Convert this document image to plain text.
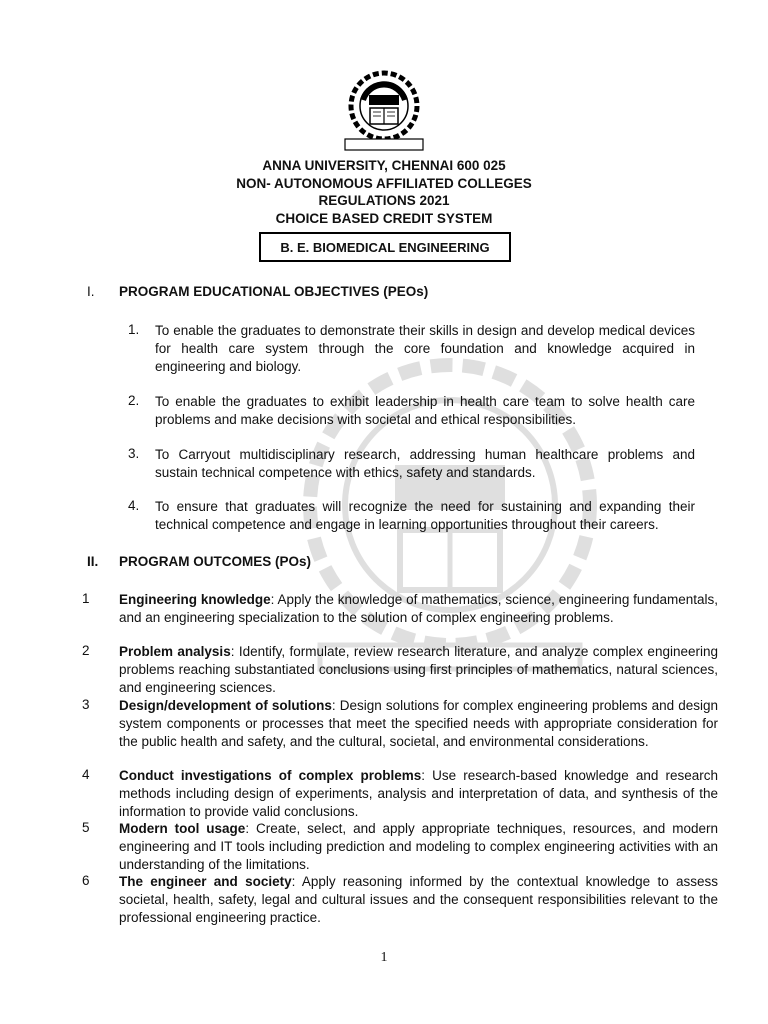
ANNA UNIVERSITY, CHENNAI 600 025
NON- AUTONOMOUS AFFILIATED COLLEGES
REGULATIONS 2021
CHOICE BASED CREDIT SYSTEM
B. E. BIOMEDICAL ENGINEERING
I. PROGRAM EDUCATIONAL OBJECTIVES (PEOs)
1. To enable the graduates to demonstrate their skills in design and develop medical devices for health care system through the core foundation and knowledge acquired in engineering and biology.
2. To enable the graduates to exhibit leadership in health care team to solve health care problems and make decisions with societal and ethical responsibilities.
3. To Carryout multidisciplinary research, addressing human healthcare problems and sustain technical competence with ethics, safety and standards.
4. To ensure that graduates will recognize the need for sustaining and expanding their technical competence and engage in learning opportunities throughout their careers.
II. PROGRAM OUTCOMES (POs)
1 Engineering knowledge: Apply the knowledge of mathematics, science, engineering fundamentals, and an engineering specialization to the solution of complex engineering problems.
2 Problem analysis: Identify, formulate, review research literature, and analyze complex engineering problems reaching substantiated conclusions using first principles of mathematics, natural sciences, and engineering sciences.
3 Design/development of solutions: Design solutions for complex engineering problems and design system components or processes that meet the specified needs with appropriate consideration for the public health and safety, and the cultural, societal, and environmental considerations.
4 Conduct investigations of complex problems: Use research-based knowledge and research methods including design of experiments, analysis and interpretation of data, and synthesis of the information to provide valid conclusions.
5 Modern tool usage: Create, select, and apply appropriate techniques, resources, and modern engineering and IT tools including prediction and modeling to complex engineering activities with an understanding of the limitations.
6 The engineer and society: Apply reasoning informed by the contextual knowledge to assess societal, health, safety, legal and cultural issues and the consequent responsibilities relevant to the professional engineering practice.
1
